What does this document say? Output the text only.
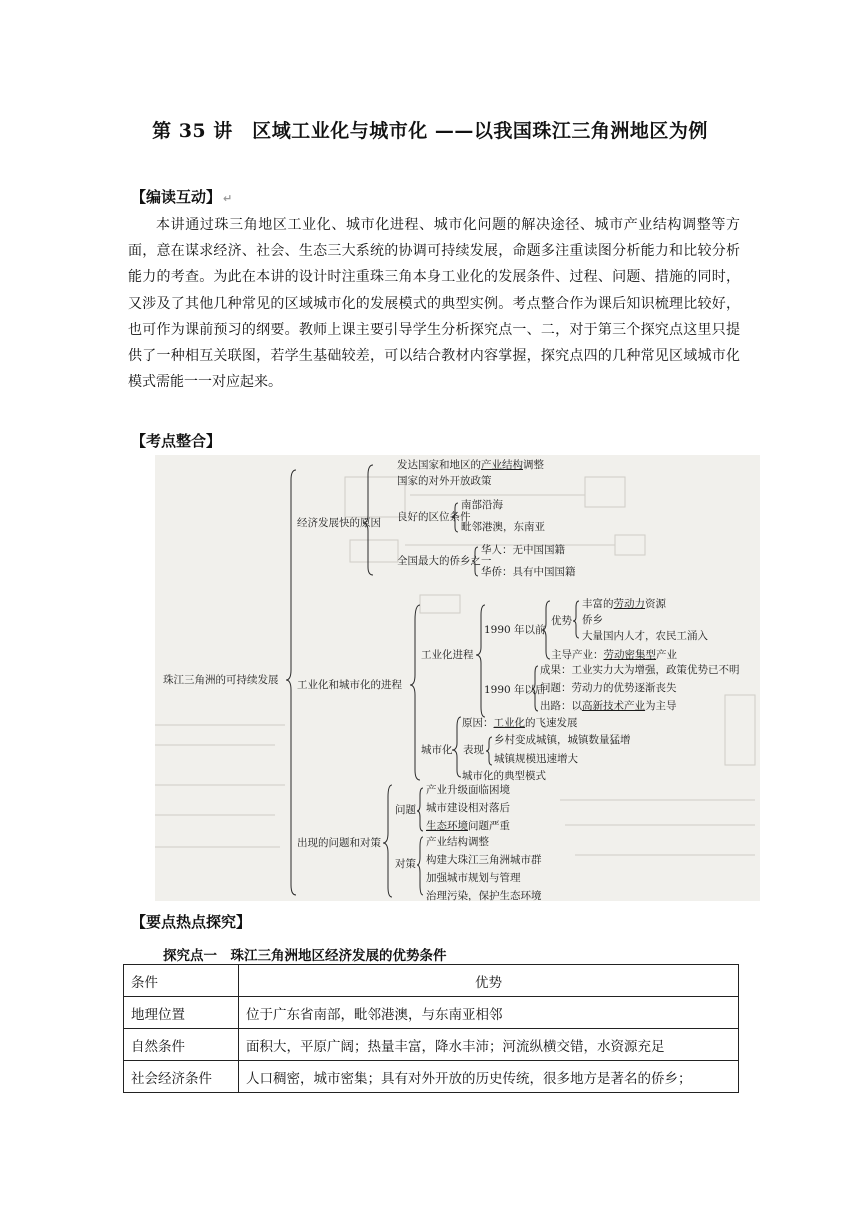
第 35 讲　区域工业化与城市化 ——以我国珠江三角洲地区为例
【编读互动】 ↵

本讲通过珠三角地区工业化、城市化进程、城市化问题的解决途径、城市产业结构调整等方面，意在谋求经济、社会、生态三大系统的协调可持续发展，命题多注重读图分析能力和比较分析能力的考查。为此在本讲的设计时注重珠三角本身工业化的发展条件、过程、问题、措施的同时，又涉及了其他几种常见的区域城市化的发展模式的典型实例。考点整合作为课后知识梳理比较好，也可作为课前预习的纲要。教师上课主要引导学生分析探究点一、二，对于第三个探究点这里只提供了一种相互关联图，若学生基础较差，可以结合教材内容掌握，探究点四的几种常见区域城市化模式需能一一对应起来。

【考点整合】
珠江三角洲的可持续发展
经济发展快的原因
发达国家和地区的产业结构调整
国家的对外开放政策
良好的区位条件
南部沿海
毗邻港澳，东南亚
全国最大的侨乡之一
华人：无中国国籍
华侨：具有中国国籍
工业化和城市化的进程
工业化进程
1990 年以前
优势
丰富的劳动力资源
侨乡
大量国内人才，农民工涌入
主导产业：劳动密集型产业
1990 年以后
成果：工业实力大为增强，政策优势已不明
问题：劳动力的优势逐渐丧失
出路：以高新技术产业为主导
城市化
原因：工业化的飞速发展
表现
乡村变成城镇，城镇数量猛增
城镇规模迅速增大
城市化的典型模式
出现的问题和对策
问题
产业升级面临困境
城市建设相对落后
生态环境问题严重
对策
产业结构调整
构建大珠江三角洲城市群
加强城市规划与管理
治理污染，保护生态环境
【要点热点探究】
探究点一　珠江三角洲地区经济发展的优势条件
条件	优势
地理位置	位于广东省南部，毗邻港澳，与东南亚相邻
自然条件	面积大，平原广阔；热量丰富，降水丰沛；河流纵横交错，水资源充足
社会经济条件	人口稠密，城市密集；具有对外开放的历史传统，很多地方是著名的侨乡；
